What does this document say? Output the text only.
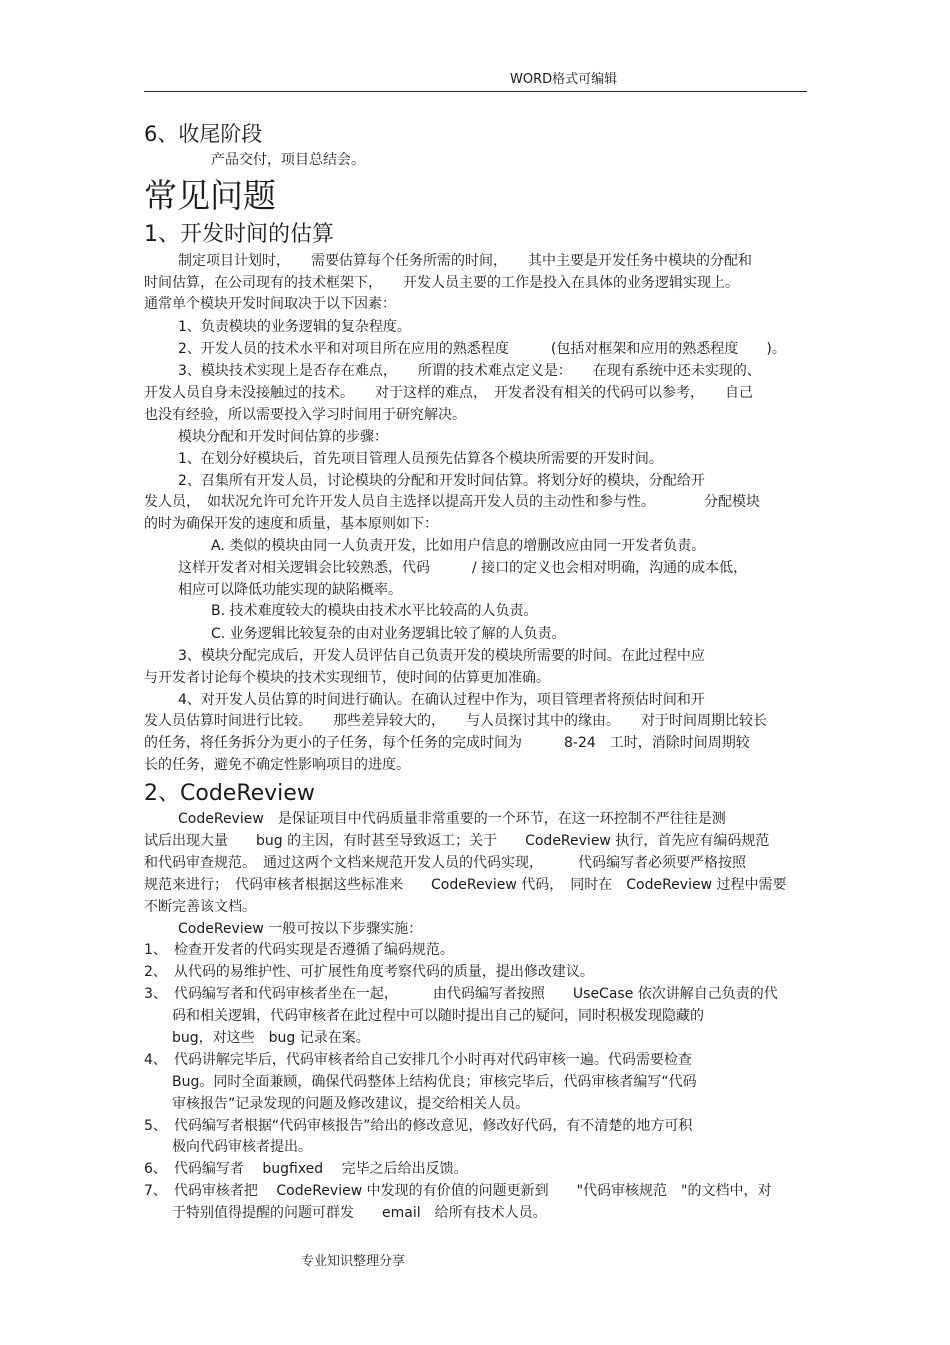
WORD格式可编辑
6、收尾阶段
产品交付，项目总结会。
常见问题
1、开发时间的估算
制定项目计划时，　　需要估算每个任务所需的时间，　　其中主要是开发任务中模块的分配和
时间估算，在公司现有的技术框架下，　　开发人员主要的工作是投入在具体的业务逻辑实现上。
通常单个模块开发时间取决于以下因素：
1、负责模块的业务逻辑的复杂程度。
2、开发人员的技术水平和对项目所在应用的熟悉程度　　　(包括对框架和应用的熟悉程度　　)。
3、模块技术实现上是否存在难点，　　所谓的技术难点定义是：　　在现有系统中还未实现的、
开发人员自身未没接触过的技术。　　对于这样的难点，　开发者没有相关的代码可以参考，　　自己
也没有经验，所以需要投入学习时间用于研究解决。
模块分配和开发时间估算的步骤：
1、在划分好模块后，首先项目管理人员预先估算各个模块所需要的开发时间。
2、召集所有开发人员，讨论模块的分配和开发时间估算。将划分好的模块，分配给开
发人员，　如状况允许可允许开发人员自主选择以提高开发人员的主动性和参与性。　　　　分配模块
的时为确保开发的速度和质量，基本原则如下：
A. 类似的模块由同一人负责开发，比如用户信息的增删改应由同一开发者负责。
这样开发者对相关逻辑会比较熟悉，代码　　　/ 接口的定义也会相对明确，沟通的成本低，
相应可以降低功能实现的缺陷概率。
B. 技术难度较大的模块由技术水平比较高的人负责。
C. 业务逻辑比较复杂的由对业务逻辑比较了解的人负责。
3、模块分配完成后，开发人员评估自己负责开发的模块所需要的时间。在此过程中应
与开发者讨论每个模块的技术实现细节，使时间的估算更加准确。
4、对开发人员估算的时间进行确认。在确认过程中作为，项目管理者将预估时间和开
发人员估算时间进行比较。　　那些差异较大的，　　与人员探讨其中的缘由。　　对于时间周期比较长
的任务，将任务拆分为更小的子任务，每个任务的完成时间为　　　8-24　工时，消除时间周期较
长的任务，避免不确定性影响项目的进度。
2、CodeReview
CodeReview　是保证项目中代码质量非常重要的一个环节，在这一环控制不严往往是测
试后出现大量　　bug 的主因，有时甚至导致返工；关于　　CodeReview 执行，首先应有编码规范
和代码审查规范。　通过这两个文档来规范开发人员的代码实现，　　　代码编写者必须要严格按照
规范来进行；　代码审核者根据这些标准来　　CodeReview 代码，　同时在　CodeReview 过程中需要
不断完善该文档。
CodeReview 一般可按以下步骤实施：
1、　检查开发者的代码实现是否遵循了编码规范。
2、　从代码的易维护性、可扩展性角度考察代码的质量，提出修改建议。
3、　代码编写者和代码审核者坐在一起，　　　由代码编写者按照　　UseCase 依次讲解自己负责的代
码和相关逻辑，代码审核者在此过程中可以随时提出自己的疑问，同时积极发现隐藏的
bug，对这些　bug 记录在案。
4、　代码讲解完毕后，代码审核者给自己安排几个小时再对代码审核一遍。代码需要检查
Bug。同时全面兼顾，确保代码整体上结构优良；审核完毕后，代码审核者编写“代码
审核报告”记录发现的问题及修改建议，提交给相关人员。
5、　代码编写者根据“代码审核报告”给出的修改意见，修改好代码，有不清楚的地方可积
极向代码审核者提出。
6、　代码编写者　 bugfixed　 完毕之后给出反馈。
7、　代码审核者把　 CodeReview 中发现的有价值的问题更新到　　"代码审核规范　"的文档中，对
于特别值得提醒的问题可群发　　email　给所有技术人员。
专业知识整理分享
